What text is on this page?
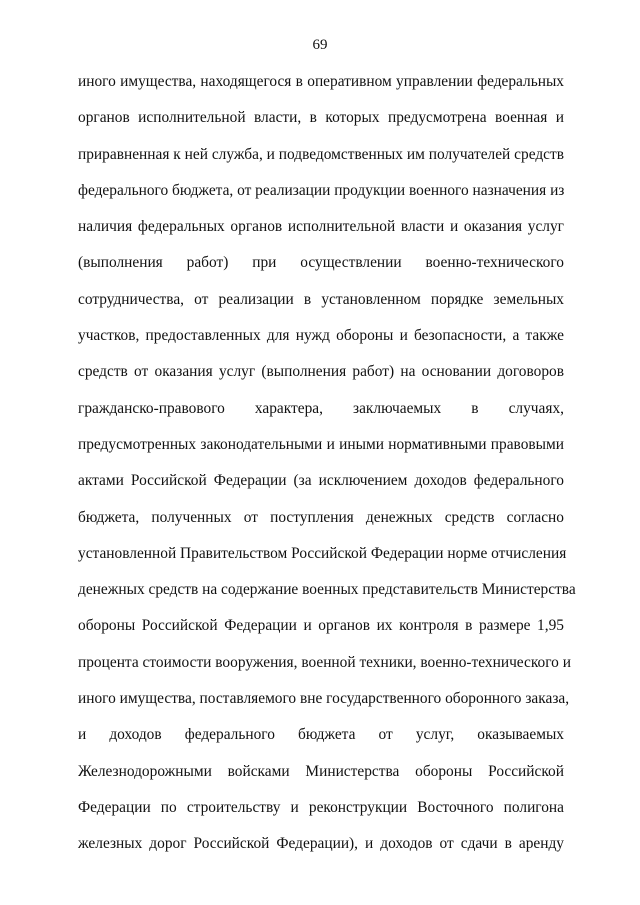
69
иного имущества, находящегося в оперативном управлении федеральных
органов исполнительной власти, в которых предусмотрена военная и
приравненная к ней служба, и подведомственных им получателей средств
федерального бюджета, от реализации продукции военного назначения из
наличия федеральных органов исполнительной власти и оказания услуг
(выполнения работ) при осуществлении военно-технического
сотрудничества, от реализации в установленном порядке земельных
участков, предоставленных для нужд обороны и безопасности, а также
средств от оказания услуг (выполнения работ) на основании договоров
гражданско-правового характера, заключаемых в случаях,
предусмотренных законодательными и иными нормативными правовыми
актами Российской Федерации (за исключением доходов федерального
бюджета, полученных от поступления денежных средств согласно
установленной Правительством Российской Федерации норме отчисления
денежных средств на содержание военных представительств Министерства
обороны Российской Федерации и органов их контроля в размере 1,95
процента стоимости вооружения, военной техники, военно-технического и
иного имущества, поставляемого вне государственного оборонного заказа,
и доходов федерального бюджета от услуг, оказываемых
Железнодорожными войсками Министерства обороны Российской
Федерации по строительству и реконструкции Восточного полигона
железных дорог Российской Федерации), и доходов от сдачи в аренду
